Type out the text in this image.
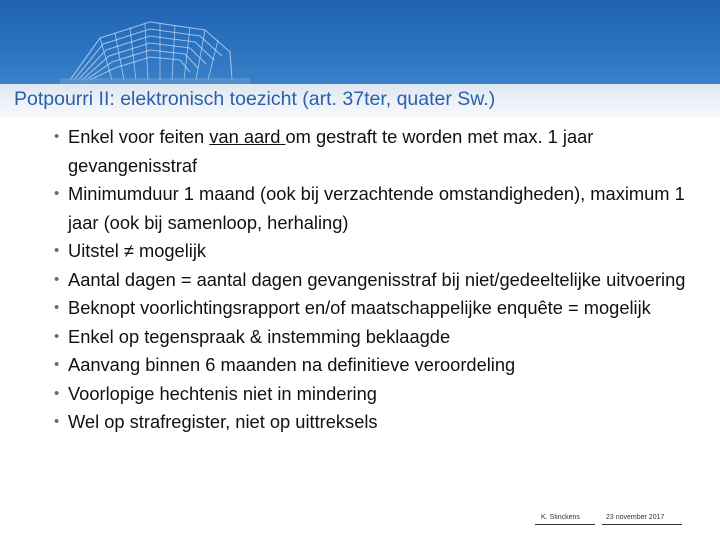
Potpourri II: elektronisch toezicht (art. 37ter, quater Sw.)
• Enkel voor feiten van aard om gestraft te worden met max. 1 jaar gevangenisstraf
• Minimumduur 1 maand (ook bij verzachtende omstandigheden), maximum 1 jaar (ook bij samenloop, herhaling)
• Uitstel ≠ mogelijk
• Aantal dagen = aantal dagen gevangenisstraf bij niet/gedeeltelijke uitvoering
• Beknopt voorlichtingsrapport en/of maatschappelijke enquête = mogelijk
• Enkel op tegenspraak & instemming beklaagde
• Aanvang binnen 6 maanden na definitieve veroordeling
• Voorlopige hechtenis niet in mindering
• Wel op strafregister, niet op uittreksels
K. Stinckens	23 november 2017
